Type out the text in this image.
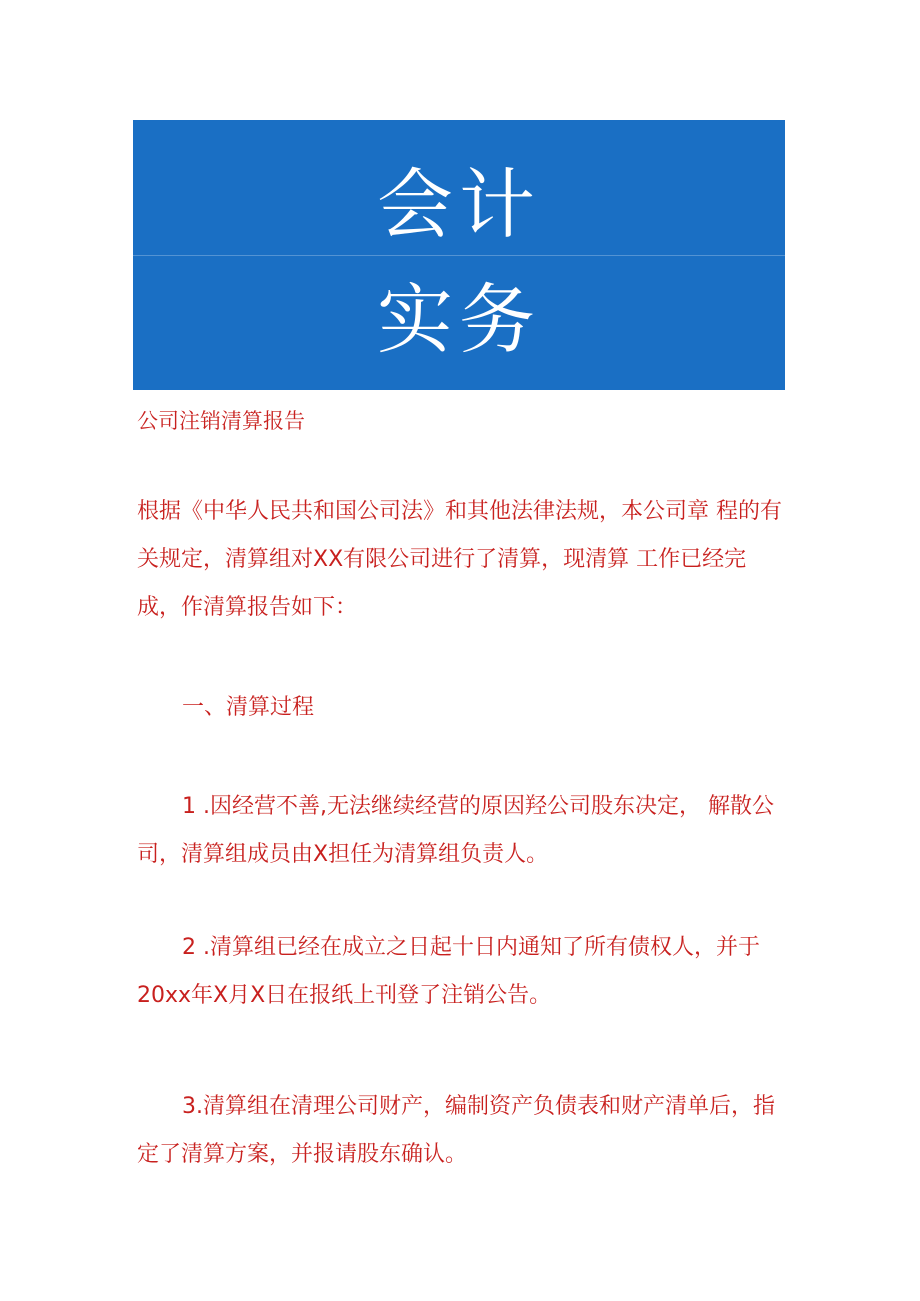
会计
实务
公司注销清算报告

根据《中华人民共和国公司法》和其他法律法规，本公司章 程的有关规定，清算组对XX有限公司进行了清算，现清算 工作已经完成，作清算报告如下：

一、清算过程

1 .因经营不善,无法继续经营的原因羟公司股东决定， 解散公司，清算组成员由X担任为清算组负责人。

2 .清算组已经在成立之日起十日内通知了所有债权人，并于20xx年X月X日在报纸上刊登了注销公告。

3.清算组在清理公司财产，编制资产负债表和财产清单后，指定了清算方案，并报请股东确认。
